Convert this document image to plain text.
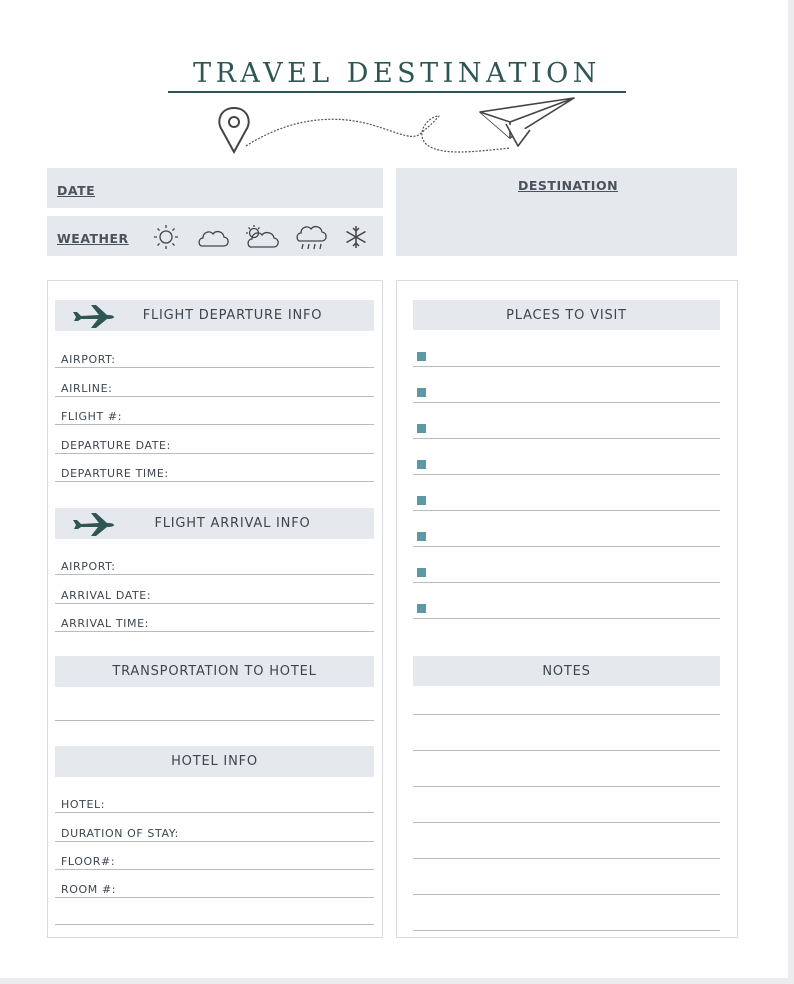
TRAVEL DESTINATION
DATE
WEATHER
DESTINATION
FLIGHT DEPARTURE INFO
AIRPORT:
AIRLINE:
FLIGHT #:
DEPARTURE DATE:
DEPARTURE TIME:
FLIGHT ARRIVAL INFO
AIRPORT:
ARRIVAL DATE:
ARRIVAL TIME:
TRANSPORTATION TO HOTEL
HOTEL INFO
HOTEL:
DURATION OF STAY:
FLOOR#:
ROOM #:
PLACES TO VISIT
NOTES
